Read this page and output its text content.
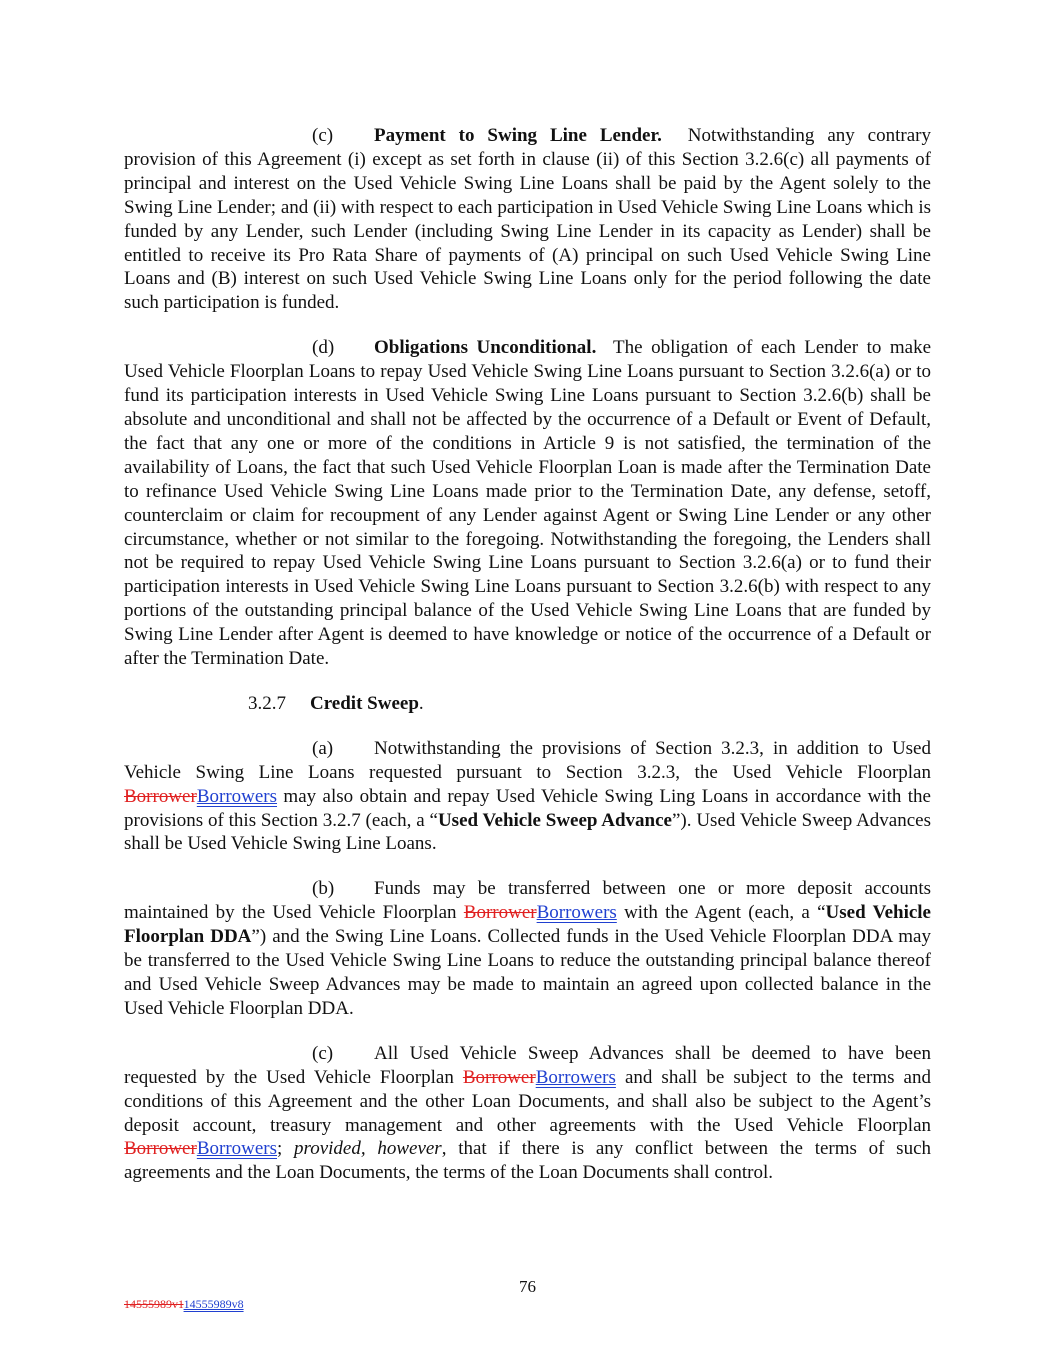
(c) Payment to Swing Line Lender. Notwithstanding any contrary provision of this Agreement (i) except as set forth in clause (ii) of this Section 3.2.6(c) all payments of principal and interest on the Used Vehicle Swing Line Loans shall be paid by the Agent solely to the Swing Line Lender; and (ii) with respect to each participation in Used Vehicle Swing Line Loans which is funded by any Lender, such Lender (including Swing Line Lender in its capacity as Lender) shall be entitled to receive its Pro Rata Share of payments of (A) principal on such Used Vehicle Swing Line Loans and (B) interest on such Used Vehicle Swing Line Loans only for the period following the date such participation is funded.

(d) Obligations Unconditional. The obligation of each Lender to make Used Vehicle Floorplan Loans to repay Used Vehicle Swing Line Loans pursuant to Section 3.2.6(a) or to fund its participation interests in Used Vehicle Swing Line Loans pursuant to Section 3.2.6(b) shall be absolute and unconditional and shall not be affected by the occurrence of a Default or Event of Default, the fact that any one or more of the conditions in Article 9 is not satisfied, the termination of the availability of Loans, the fact that such Used Vehicle Floorplan Loan is made after the Termination Date to refinance Used Vehicle Swing Line Loans made prior to the Termination Date, any defense, setoff, counterclaim or claim for recoupment of any Lender against Agent or Swing Line Lender or any other circumstance, whether or not similar to the foregoing. Notwithstanding the foregoing, the Lenders shall not be required to repay Used Vehicle Swing Line Loans pursuant to Section 3.2.6(a) or to fund their participation interests in Used Vehicle Swing Line Loans pursuant to Section 3.2.6(b) with respect to any portions of the outstanding principal balance of the Used Vehicle Swing Line Loans that are funded by Swing Line Lender after Agent is deemed to have knowledge or notice of the occurrence of a Default or after the Termination Date.

3.2.7 Credit Sweep.

(a) Notwithstanding the provisions of Section 3.2.3, in addition to Used Vehicle Swing Line Loans requested pursuant to Section 3.2.3, the Used Vehicle Floorplan BorrowerBorrowers may also obtain and repay Used Vehicle Swing Ling Loans in accordance with the provisions of this Section 3.2.7 (each, a “Used Vehicle Sweep Advance”). Used Vehicle Sweep Advances shall be Used Vehicle Swing Line Loans.

(b) Funds may be transferred between one or more deposit accounts maintained by the Used Vehicle Floorplan BorrowerBorrowers with the Agent (each, a “Used Vehicle Floorplan DDA”) and the Swing Line Loans. Collected funds in the Used Vehicle Floorplan DDA may be transferred to the Used Vehicle Swing Line Loans to reduce the outstanding principal balance thereof and Used Vehicle Sweep Advances may be made to maintain an agreed upon collected balance in the Used Vehicle Floorplan DDA.

(c) All Used Vehicle Sweep Advances shall be deemed to have been requested by the Used Vehicle Floorplan BorrowerBorrowers and shall be subject to the terms and conditions of this Agreement and the other Loan Documents, and shall also be subject to the Agent’s deposit account, treasury management and other agreements with the Used Vehicle Floorplan BorrowerBorrowers; provided, however, that if there is any conflict between the terms of such agreements and the Loan Documents, the terms of the Loan Documents shall control.

76
14555989v114555989v8
